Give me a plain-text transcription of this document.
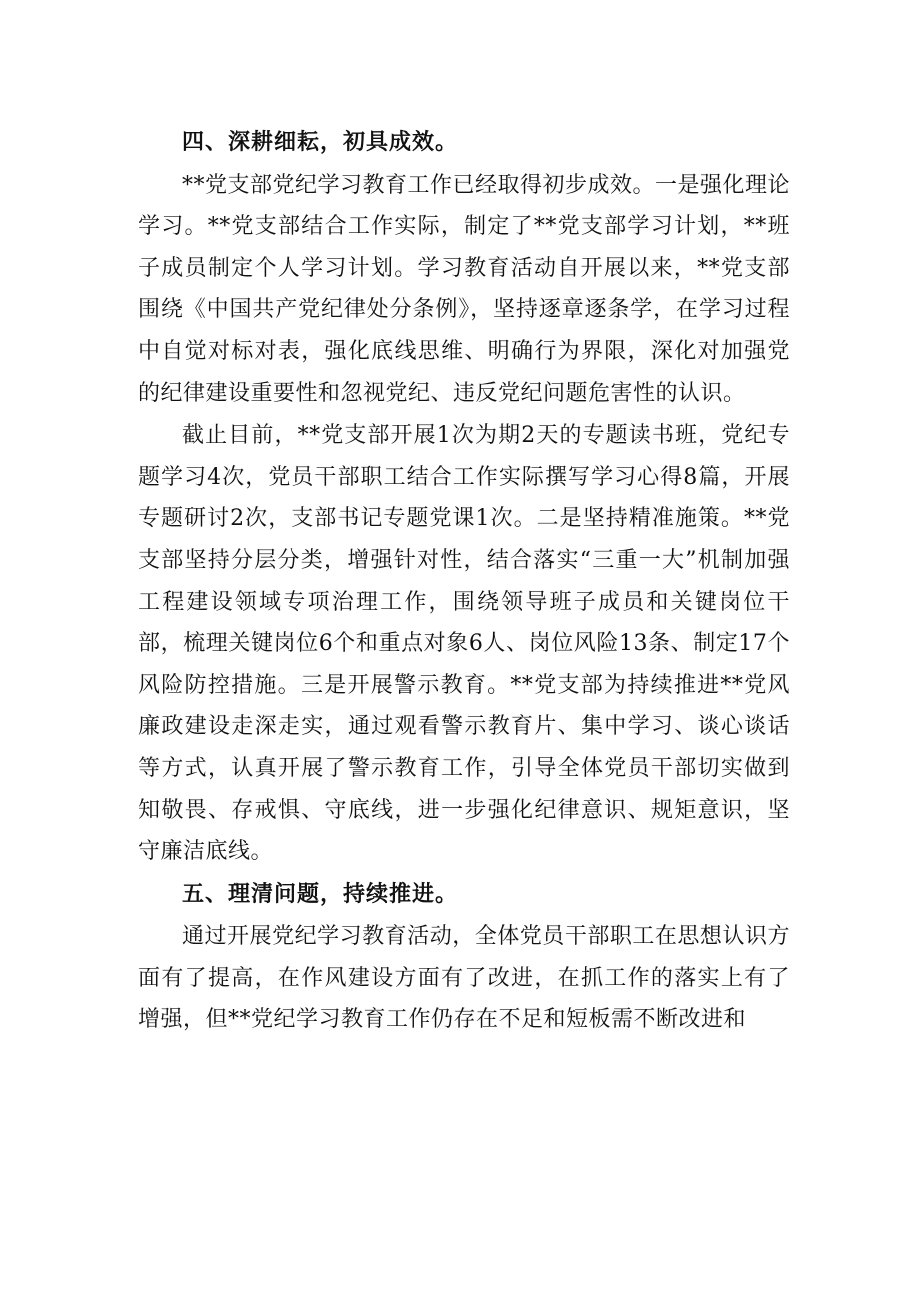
四、深耕细耘，初具成效。
**党支部党纪学习教育工作已经取得初步成效。一是强化理论学习。**党支部结合工作实际，制定了**党支部学习计划，**班子成员制定个人学习计划。学习教育活动自开展以来，**党支部围绕《中国共产党纪律处分条例》，坚持逐章逐条学，在学习过程中自觉对标对表，强化底线思维、明确行为界限，深化对加强党的纪律建设重要性和忽视党纪、违反党纪问题危害性的认识。
截止目前，**党支部开展1次为期2天的专题读书班，党纪专题学习4次，党员干部职工结合工作实际撰写学习心得8篇，开展专题研讨2次，支部书记专题党课1次。二是坚持精准施策。**党支部坚持分层分类，增强针对性，结合落实“三重一大”机制加强工程建设领域专项治理工作，围绕领导班子成员和关键岗位干部，梳理关键岗位6个和重点对象6人、岗位风险13条、制定17个风险防控措施。三是开展警示教育。**党支部为持续推进**党风廉政建设走深走实，通过观看警示教育片、集中学习、谈心谈话等方式，认真开展了警示教育工作，引导全体党员干部切实做到知敬畏、存戒惧、守底线，进一步强化纪律意识、规矩意识，坚守廉洁底线。
五、理清问题，持续推进。
通过开展党纪学习教育活动，全体党员干部职工在思想认识方面有了提高，在作风建设方面有了改进，在抓工作的落实上有了增强，但**党纪学习教育工作仍存在不足和短板需不断改进和
